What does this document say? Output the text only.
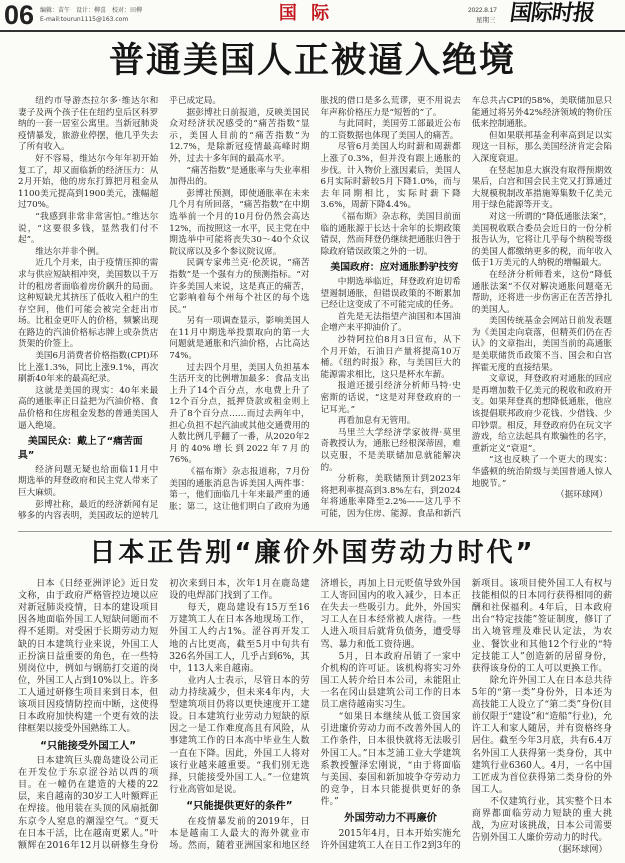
06 编辑：苗午　设计：柳喜　校对：田柳
E-mail:tourun1115@163.com	国 际	2022.8.17
星期三 国际时报
普通美国人正被逼入绝境

纽约市导游杰拉尔多·维达尔和妻子及两个孩子住在纽约皇后区科罗纳的一套一居室公寓里。当新冠肺炎疫情暴发，旅游业停摆，他几乎失去了所有收入。

好不容易，维达尔今年年初开始复工了，却又面临新的经济压力：从2月开始，他的房东打算把月租金从1100美元提高到1900美元，涨幅超过70%。

“我感到非常非常害怕。”维达尔说，“这要很多钱，显然我们付不起”。

维达尔并非个例。

近几个月来，由于疫情压抑的需求与供应短缺相冲突，美国数以千万计的租房者面临着房价飙升的局面。这种短缺尤其挤压了低收入租户的生存空间，他们可能会被完全赶出市场。比租金更吓人的价格，频繁出现在路边的汽油价格标志牌上或杂货店货架的价签上。

美国6月消费者价格指数(CPI)环比上涨1.3%，同比上涨9.1%，再次刷新40年来的最高纪录。

这就是美国的现实：40年来最高的通胀率正日益把为汽油价格、食品价格和住房租金发愁的普通美国人逼入绝境。

美国民众：戴上了“痛苦面具”

经济问题无疑也给面临11月中期选举的拜登政府和民主党人带来了巨大麻烦。

彭博社称，最近的经济新闻有足够多的内容表明，美国政坛的逆转几乎已成定局。

据彭博社日前报道，反映美国民众对经济状况感受的“痛苦指数”显示，美国人目前的“痛苦指数”为12.7%，是除新冠疫情最高峰时期外，过去十多年间的最高水平。

“痛苦指数”是通胀率与失业率相加得出的。

彭博社预测，即使通胀率在未来几个月有所回落，“痛苦指数”在中期选举前一个月的10月份仍然会高达12%，而按照这一水平，民主党在中期选举中可能将丧失30～40个众议院议席以及多个参议院议席。

民调专家弗兰克·伦茨说，“痛苦指数”是一个强有力的预测指标。“对许多美国人来说，这是真正的痛苦，它影响着每个州每个社区的每个选民。”

另有一项调查显示，影响美国人在11月中期选举投票取向的第一大问题就是通胀和汽油价格，占比高达74%。

过去四个月里，美国人负担基本生活开支的比例增加最多：食品支出上升了14个百分点，水电费上升了12个百分点，抵押贷款或租金则上升了8个百分点……而过去两年中，担心负担不起汽油或其他交通费用的人数比例几乎翻了一番，从2020年2月的40%增长到2022年7月的76%。

《福布斯》杂志报道称，7月份美国的通胀消息告诉美国人两件事：第一，他们面临几十年来最严重的通胀；第二，这让他们明白了政府为通胀找的借口是多么荒谬，更不用说去年声称价格压力是“短暂的”了。

与此同时，美国劳工部最近公布的工资数据也体现了美国人的痛苦。

尽管6月美国人均时薪和周薪都上涨了0.3%，但并没有跟上通胀的步伐。计入物价上涨因素后，美国人6月实际时薪较5月下降1.0%，而与去年同期相比，实际时薪下降3.6%，周薪下降4.4%。

《福布斯》杂志称，美国目前面临的通胀源于长达十余年的长期政策错误，然而拜登仍继续把通胀归咎于除政府错误政策之外的一切。

美国政府：应对通胀黔驴技穷

中期选举临近，拜登政府迫切希望遏制通胀，但错误政策的不断累加已经让这变成了不可能完成的任务。

首先是无法指望产油国和本国油企增产来平抑油价了。

沙特阿拉伯8月3日宣布，从下个月开始，石油日产量将提高10万桶。《纽约时报》称，与美国巨大的能源需求相比，这只是杯水车薪。

报道还援引经济分析师马特·史密斯的话说，“这是对拜登政府的一记耳光。”

再看加息有无管用。

马里兰大学经济学家彼得·莫里奇教授认为，通胀已经根深蒂固，难以克服，不是美联储加息就能解决的。

分析称，美联储预计到2023年将把利率提高到3.8%左右，到2024年将通胀率降至2.2%——这几乎不可能，因为住房、能源、食品和新汽车总共占CPI的58%，美联储加息只能通过将另外42%经济领域的物价压低来控制通胀。

但如果联邦基金利率高到足以实现这一目标，那么美国经济肯定会陷入深度衰退。

在竖起加息大旗没有取得预期效果后，白宫和国会民主党又打算通过大规模税制改革措施筹集数千亿美元用于绿色能源等开支。

对这一所谓的“降低通胀法案”，美国税收联合委员会近日的一份分析报告认为，它将让几乎每个纳税等级的美国人都缴纳更多的税，而年收入低于1万美元的人纳税的增幅最大。

在经济分析师看来，这份“降低通胀法案”不仅对解决通胀问题毫无帮助，还将进一步伤害正在苦苦挣扎的美国人。

美国传统基金会网站日前发表题为《美国走向衰落，但精英们仍在否认》的文章指出，美国当前的高通胀是美联储货币政策不当、国会和白宫挥霍无度的直接结果。

文章说，拜登政府对通胀的回应是再增加数千亿美元的税收和政府开支。如果拜登真的想降低通胀，他应该提倡联邦政府少花钱、少借钱、少印钞票。相反，拜登政府仍在玩文字游戏，给立法起具有欺骗性的名字，重新定义“衰退”。

“这也反映了一个更大的现实：华盛顿的统治阶级与美国普通人惊人地脱节。”

（据环球网）
日本正告别“廉价外国劳动力时代”

日本《日经亚洲评论》近日发文称，由于政府严格管控边境以应对新冠肺炎疫情，日本的建设项目因各地面临外国工人短缺问题而不得不延期。对受困于长期劳动力短缺的日本建筑行业来说，外国工人正扮演日益重要的角色，在一些特别岗位中，例如与钢筋打交道的岗位，外国工人占到10%以上。许多工人通过研修生项目来到日本，但该项目因疫情防控而中断，这使得日本政府加快构建一个更有效的法律框架以接受外国熟练工人。

“只能接受外国工人”

日本建筑巨头鹿岛建设公司正在开发位于东京涩谷站以西的项目。在一幢仍在建造的大楼的22层，来自越南的30岁工人叶额辉正在焊接。他用装在头顶的风扇抵御东京令人窒息的潮湿空气。“夏天在日本干活，比在越南更累人。”叶额辉在2016年12月以研修生身份初次来到日本，次年1月在鹿岛建设的电焊部门找到了工作。

每天，鹿岛建设有15万至16万建筑工人在日本各地现场工作，外国工人约占1%。涩谷再开发工地的占比更高，截至5月中旬共有326名外国工人，几乎占到6%，其中，113人来自越南。

业内人士表示，尽管日本的劳动力持续减少，但未来4年内，大型建筑项目仍将以更快速度开工建设。日本建筑行业劳动力短缺的原因之一是工作难度高且有风险，从事建筑工作的日本高中毕业生人数一直在下降。因此，外国工人将对该行业越来越重要。“我们别无选择，只能接受外国工人。”一位建筑行业高管如是说。

“只能提供更好的条件”

在疫情暴发前的2019年，日本是越南工人最大的海外就业市场。然而，随着亚洲国家和地区经济增长，再加上日元贬值导致外国工人寄回国内的收入减少，日本正在失去一些吸引力。此外，外国实习工人在日本经常被人虐待。一些人进入项目后就背负债务，遭受辱骂、暴力和低工资待遇。

5月，日本政府吊销了一家中介机构的许可证。该机构将实习外国工人转介给日本公司，未能阻止一名在冈山县建筑公司工作的日本员工虐待越南实习生。

“如果日本继续从低工资国家引进廉价劳动力而不改善外国人的工作条件，日本很快就将无法吸引外国工人。”日本芝浦工业大学建筑系教授蟹泽宏刚说，“由于将面临与美国、泰国和新加坡争夺劳动力的竞争，日本只能提供更好的条件。”

外国劳动力不再廉价

2015年4月，日本开始实施允许外国建筑工人在日工作2到3年的新项目。该项目使外国工人有权与技能相似的日本同行获得相同的薪酬和社保福利。4年后，日本政府出台“特定技能”签证制度，修订了出入境管理及难民认定法，为农业、餐饮业和其他12个行业的“特定技能工人”创造新的居留身份，获得该身份的工人可以更换工作。

除允许外国工人在日本总共待5年的“第一类”身份外，日本还为高技能工人设立了“第二类”身份(目前仅限于“建设”和“造船”行业)，允许工人和家人随居，并有资格终身居住。截至今年3月底，共有6.4万名外国工人获得第一类身份，其中建筑行业6360人。4月，一名中国工匠成为首位获得第二类身份的外国工人。

不仅建筑行业，其实整个日本商界都面临劳动力短缺的重大挑战，为应对该挑战，日本公司需要告别外国工人廉价劳动力的时代。

（据环球网）
